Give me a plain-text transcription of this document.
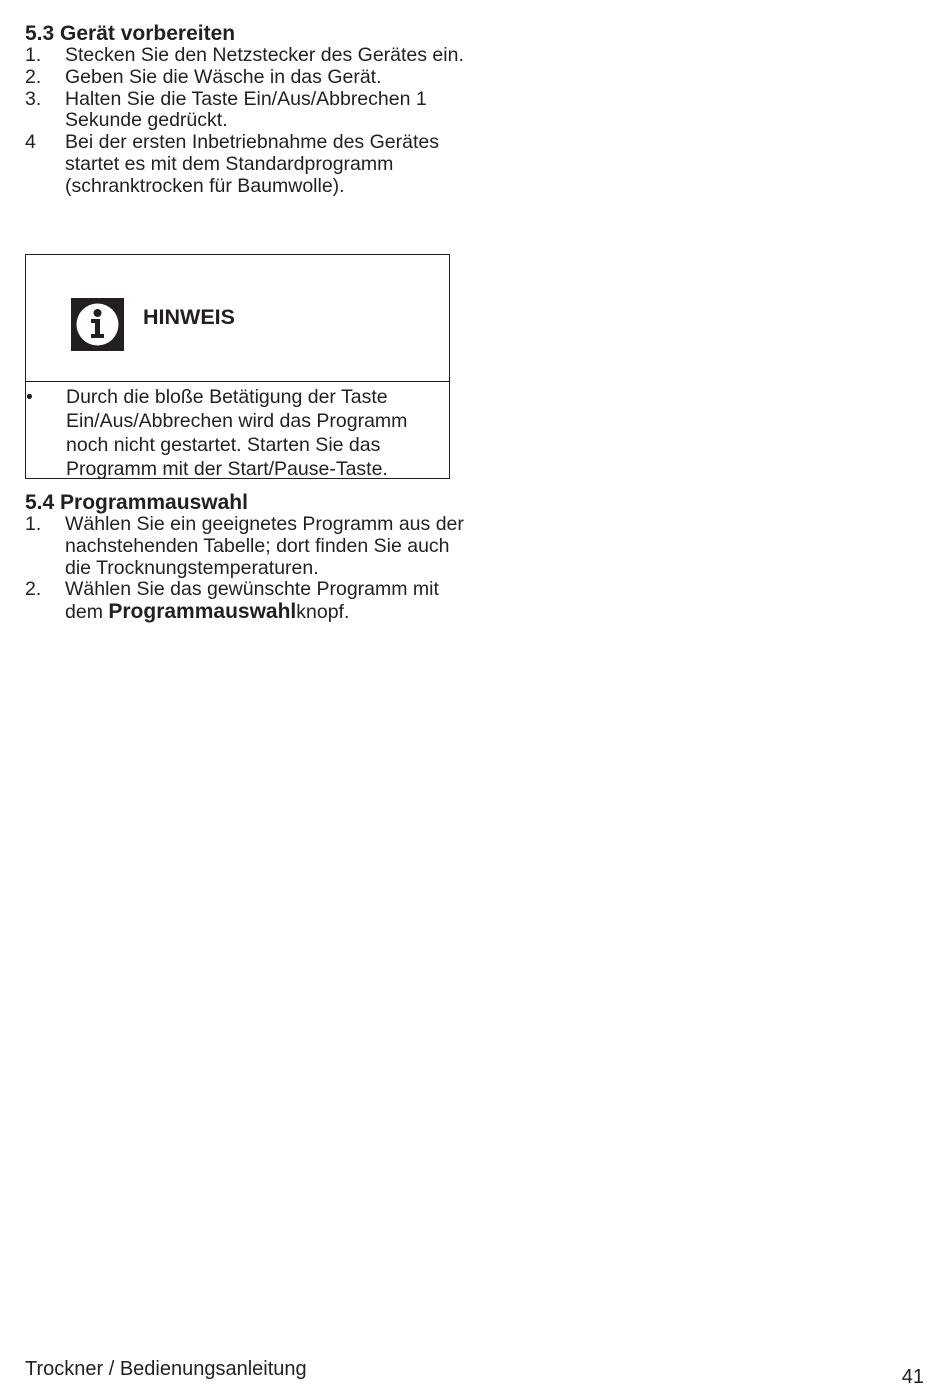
5.3 Gerät vorbereiten
1. Stecken Sie den Netzstecker des Gerätes ein.
2. Geben Sie die Wäsche in das Gerät.
3. Halten Sie die Taste Ein/Aus/Abbrechen 1 Sekunde gedrückt.
4 Bei der ersten Inbetriebnahme des Gerätes startet es mit dem Standardprogramm (schranktrocken für Baumwolle).
HINWEIS
• Durch die bloße Betätigung der Taste Ein/Aus/Abbrechen wird das Programm noch nicht gestartet. Starten Sie das Programm mit der Start/Pause-Taste.
5.4 Programmauswahl
1. Wählen Sie ein geeignetes Programm aus der nachstehenden Tabelle; dort finden Sie auch die Trocknungstemperaturen.
2. Wählen Sie das gewünschte Programm mit dem Programmauswahlknopf.
Trockner / Bedienungsanleitung	41
